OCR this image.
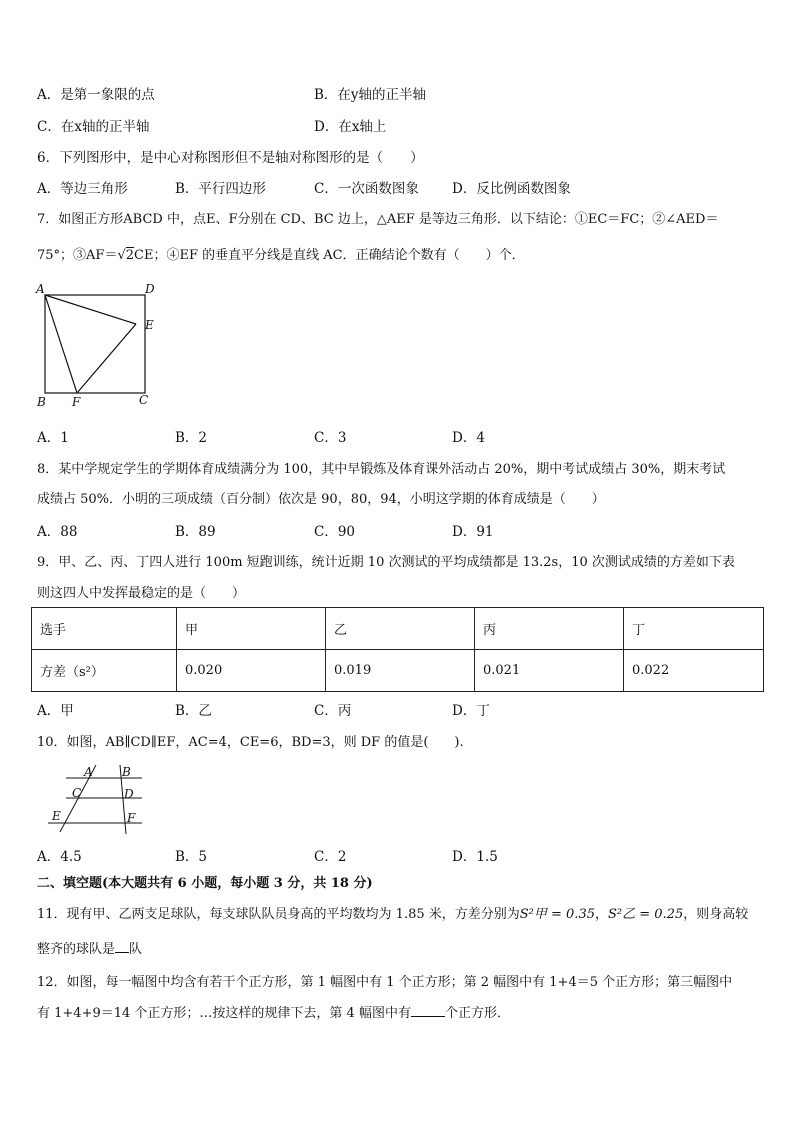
A．是第一象限的点	B．在y轴的正半轴
C．在x轴的正半轴	D．在x轴上
6．下列图形中，是中心对称图形但不是轴对称图形的是（　　）
A．等边三角形	B．平行四边形	C．一次函数图象 D．反比例函数图象
7．如图正方形ABCD 中，点E、F分别在 CD、BC 边上，△AEF 是等边三角形．以下结论：①EC＝FC；②∠AED＝
75°；③AF＝√2CE；④EF 的垂直平分线是直线 AC．正确结论个数有（　　）个．
A	D
E
B F	C
A．1	B．2	C．3	D．4
8．某中学规定学生的学期体育成绩满分为 100，其中早锻炼及体育课外活动占 20%，期中考试成绩占 30%，期末考试
成绩占 50%．小明的三项成绩（百分制）依次是 90，80，94，小明这学期的体育成绩是（　　）
A．88	B．89	C．90	D．91
9．甲、乙、丙、丁四人进行 100m 短跑训练，统计近期 10 次测试的平均成绩都是 13.2s，10 次测试成绩的方差如下表
则这四人中发挥最稳定的是（　　）
选手	甲	乙	丙	丁
方差（s²）	0.020	0.019	0.021	0.022
A．甲	B．乙	C．丙	D．丁
10．如图，AB∥CD∥EF，AC=4，CE=6，BD=3，则 DF 的值是(　　).
A B
C	D
E	F
A．4.5	B．5	C．2	D．1.5
二、填空题(本大题共有 6 小题，每小题 3 分，共 18 分)
11．现有甲、乙两支足球队，每支球队队员身高的平均数均为 1.85 米，方差分别为S²甲 = 0.35，S²乙 = 0.25，则身高较
整齐的球队是 队
12．如图，每一幅图中均含有若干个正方形，第 1 幅图中有 1 个正方形；第 2 幅图中有 1+4＝5 个正方形；第三幅图中
有 1+4+9＝14 个正方形；…按这样的规律下去，第 4 幅图中有	个正方形．
